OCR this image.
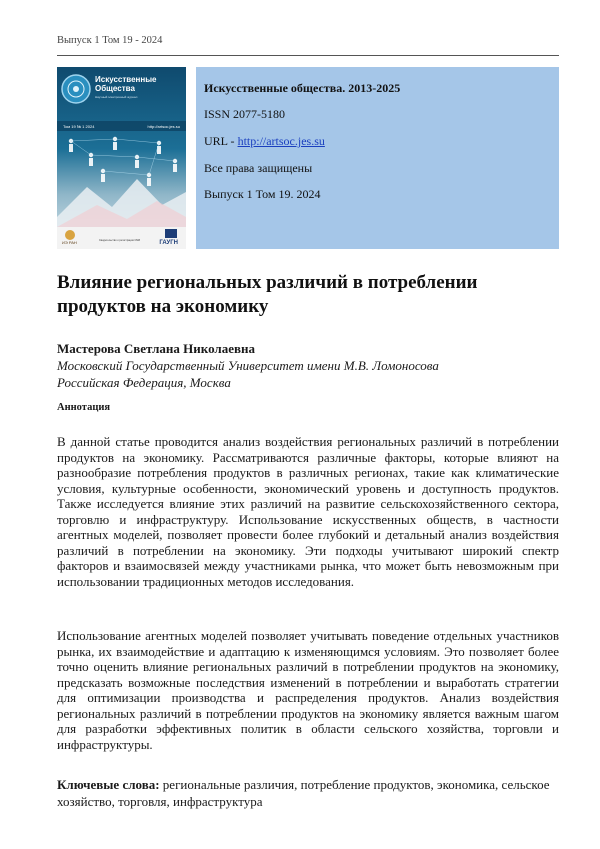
Выпуск 1 Том 19 - 2024
Искусственные
Общества
Научный электронный журнал
Том 19 № 1 2024	http://artsoc.jes.su
Свидетельство о регистрации СМИ
ИЭ РАН	ГАУГН
Искусственные общества. 2013-2025
ISSN 2077-5180
URL - http://artsoc.jes.su
Все права защищены
Выпуск 1 Том 19. 2024
Влияние региональных различий в потреблении продуктов на экономику
Мастерова Светлана Николаевна
Московский Государственный Университет имени М.В. Ломоносова
Российская Федерация, Москва
Аннотация
В данной статье проводится анализ воздействия региональных различий в потреблении продуктов на экономику. Рассматриваются различные факторы, которые влияют на разнообразие потребления продуктов в различных регионах, такие как климатические условия, культурные особенности, экономический уровень и доступность продуктов. Также исследуется влияние этих различий на развитие сельскохозяйственного сектора, торговлю и инфраструктуру. Использование искусственных обществ, в частности агентных моделей, позволяет провести более глубокий и детальный анализ воздействия различий в потреблении на экономику. Эти подходы учитывают широкий спектр факторов и взаимосвязей между участниками рынка, что может быть невозможным при использовании традиционных методов исследования.
Использование агентных моделей позволяет учитывать поведение отдельных участников рынка, их взаимодействие и адаптацию к изменяющимся условиям. Это позволяет более точно оценить влияние региональных различий в потреблении продуктов на экономику, предсказать возможные последствия изменений в потреблении и выработать стратегии для оптимизации производства и распределения продуктов. Анализ воздействия региональных различий в потреблении продуктов на экономику является важным шагом для разработки эффективных политик в области сельского хозяйства, торговли и инфраструктуры.
Ключевые слова: региональные различия, потребление продуктов, экономика, сельское хозяйство, торговля, инфраструктура
